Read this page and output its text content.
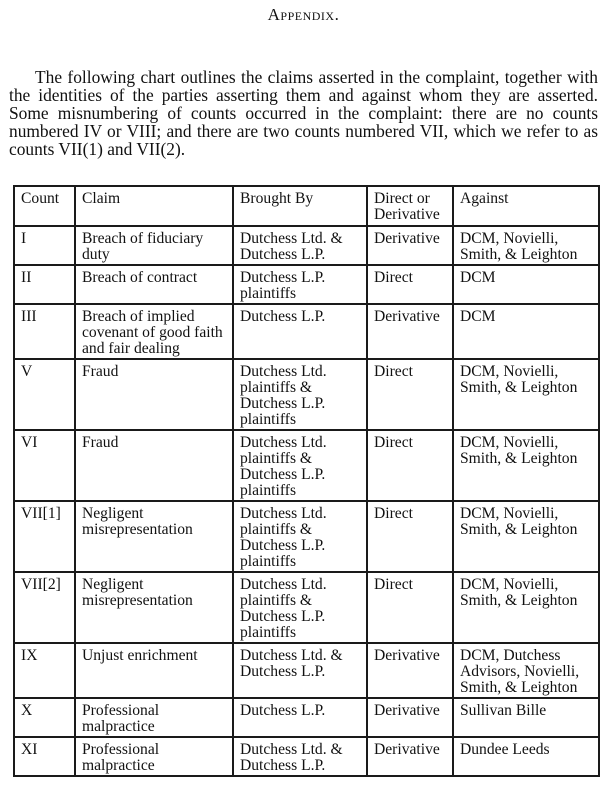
Appendix.

The following chart outlines the claims asserted in the complaint, together with the identities of the parties asserting them and against whom they are asserted. Some misnumbering of counts occurred in the complaint: there are no counts numbered IV or VIII; and there are two counts numbered VII, which we refer to as counts VII(1) and VII(2).

Count	Claim	Brought By	Direct or Derivative	Against
I	Breach of fiduciary duty	Dutchess Ltd. & Dutchess L.P.	Derivative	DCM, Novielli, Smith, & Leighton
II	Breach of contract	Dutchess L.P. plaintiffs	Direct	DCM
III	Breach of implied covenant of good faith and fair dealing	Dutchess L.P.	Derivative	DCM
V	Fraud	Dutchess Ltd. plaintiffs & Dutchess L.P. plaintiffs	Direct	DCM, Novielli, Smith, & Leighton
VI	Fraud	Dutchess Ltd. plaintiffs & Dutchess L.P. plaintiffs	Direct	DCM, Novielli, Smith, & Leighton
VII[1]	Negligent misrepresentation	Dutchess Ltd. plaintiffs & Dutchess L.P. plaintiffs	Direct	DCM, Novielli, Smith, & Leighton
VII[2]	Negligent misrepresentation	Dutchess Ltd. plaintiffs & Dutchess L.P. plaintiffs	Direct	DCM, Novielli, Smith, & Leighton
IX	Unjust enrichment	Dutchess Ltd. & Dutchess L.P.	Derivative	DCM, Dutchess Advisors, Novielli, Smith, & Leighton
X	Professional malpractice	Dutchess L.P.	Derivative	Sullivan Bille
XI	Professional malpractice	Dutchess Ltd. & Dutchess L.P.	Derivative	Dundee Leeds
